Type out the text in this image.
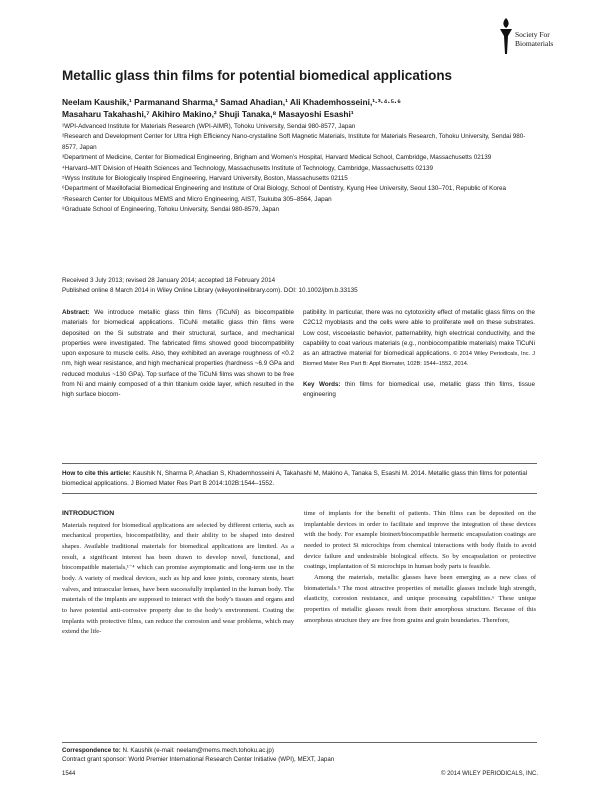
Society For Biomaterials
Metallic glass thin films for potential biomedical applications
Neelam Kaushik,¹ Parmanand Sharma,² Samad Ahadian,¹ Ali Khademhosseini,¹·³·⁴·⁵·⁶
Masaharu Takahashi,⁷ Akihiro Makino,² Shuji Tanaka,⁸ Masayoshi Esashi¹
¹WPI-Advanced Institute for Materials Research (WPI-AIMR), Tohoku University, Sendai 980-8577, Japan
²Research and Development Center for Ultra High Efficiency Nano-crystalline Soft Magnetic Materials, Institute for Materials Research, Tohoku University, Sendai 980-8577, Japan
³Department of Medicine, Center for Biomedical Engineering, Brigham and Women’s Hospital, Harvard Medical School, Cambridge, Massachusetts 02139
⁴Harvard–MIT Division of Health Sciences and Technology, Massachusetts Institute of Technology, Cambridge, Massachusetts 02139
⁵Wyss Institute for Biologically Inspired Engineering, Harvard University, Boston, Massachusetts 02115
⁶Department of Maxillofacial Biomedical Engineering and Institute of Oral Biology, School of Dentistry, Kyung Hee University, Seoul 130–701, Republic of Korea
⁷Research Center for Ubiquitous MEMS and Micro Engineering, AIST, Tsukuba 305–8564, Japan
⁸Graduate School of Engineering, Tohoku University, Sendai 980-8579, Japan
Received 3 July 2013; revised 28 January 2014; accepted 18 February 2014
Published online 8 March 2014 in Wiley Online Library (wileyonlinelibrary.com). DOI: 10.1002/jbm.b.33135
Abstract: We introduce metallic glass thin films (TiCuNi) as biocompatible materials for biomedical applications. TiCuNi metallic glass thin films were deposited on the Si substrate and their structural, surface, and mechanical properties were investigated. The fabricated films showed good biocompatibility upon exposure to muscle cells. Also, they exhibited an average roughness of <0.2 nm, high wear resistance, and high mechanical properties (hardness ~6.9 GPa and reduced modulus ~130 GPa). Top surface of the TiCuNi films was shown to be free from Ni and mainly composed of a thin titanium oxide layer, which resulted in the high surface biocom-
patibility. In particular, there was no cytotoxicity effect of metallic glass films on the C2C12 myoblasts and the cells were able to proliferate well on these substrates. Low cost, viscoelastic behavior, patternability, high electrical conductivity, and the capability to coat various materials (e.g., nonbiocompatible materials) make TiCuNi as an attractive material for biomedical applications. © 2014 Wiley Periodicals, Inc. J Biomed Mater Res Part B: Appl Biomater, 102B: 1544–1552, 2014.
Key Words: thin films for biomedical use, metallic glass thin films, tissue engineering
How to cite this article: Kaushik N, Sharma P, Ahadian S, Khademhosseini A, Takahashi M, Makino A, Tanaka S, Esashi M. 2014. Metallic glass thin films for potential biomedical applications. J Biomed Mater Res Part B 2014:102B:1544–1552.
INTRODUCTION

Materials required for biomedical applications are selected by different criteria, such as mechanical properties, biocompatibility, and their ability to be shaped into desired shapes. Available traditional materials for biomedical applications are limited. As a result, a significant interest has been drawn to develop novel, functional, and biocompatible materials,¹⁻⁴ which can promise asymptomatic and long-term use in the body. A variety of medical devices, such as hip and knee joints, coronary stents, heart valves, and intraocular lenses, have been successfully implanted in the human body. The materials of the implants are supposed to interact with the body’s tissues and organs and to have potential anti-corrosive property due to the body’s environment. Coating the implants with protective films, can reduce the corrosion and wear problems, which may extend the life-

time of implants for the benefit of patients. Thin films can be deposited on the implantable devices in order to facilitate and improve the integration of these devices with the body. For example bioinert/biocompatible hermetic encapsulation coatings are needed to protect Si microchips from chemical interactions with body fluids to avoid device failure and undesirable biological effects. So by encapsulation or protective coatings, implantation of Si microchips in human body parts is feasible.

Among the materials, metallic glasses have been emerging as a new class of biomaterials.⁵ The most attractive properties of metallic glasses include high strength, elasticity, corrosion resistance, and unique processing capabilities.⁶ These unique properties of metallic glasses result from their amorphous structure. Because of this amorphous structure they are free from grains and grain boundaries. Therefore,

Correspondence to: N. Kaushik (e-mail: neelam@mems.mech.tohoku.ac.jp)
Contract grant sponsor: World Premier International Research Center Initiative (WPI), MEXT, Japan
1544	© 2014 WILEY PERIODICALS, INC.
